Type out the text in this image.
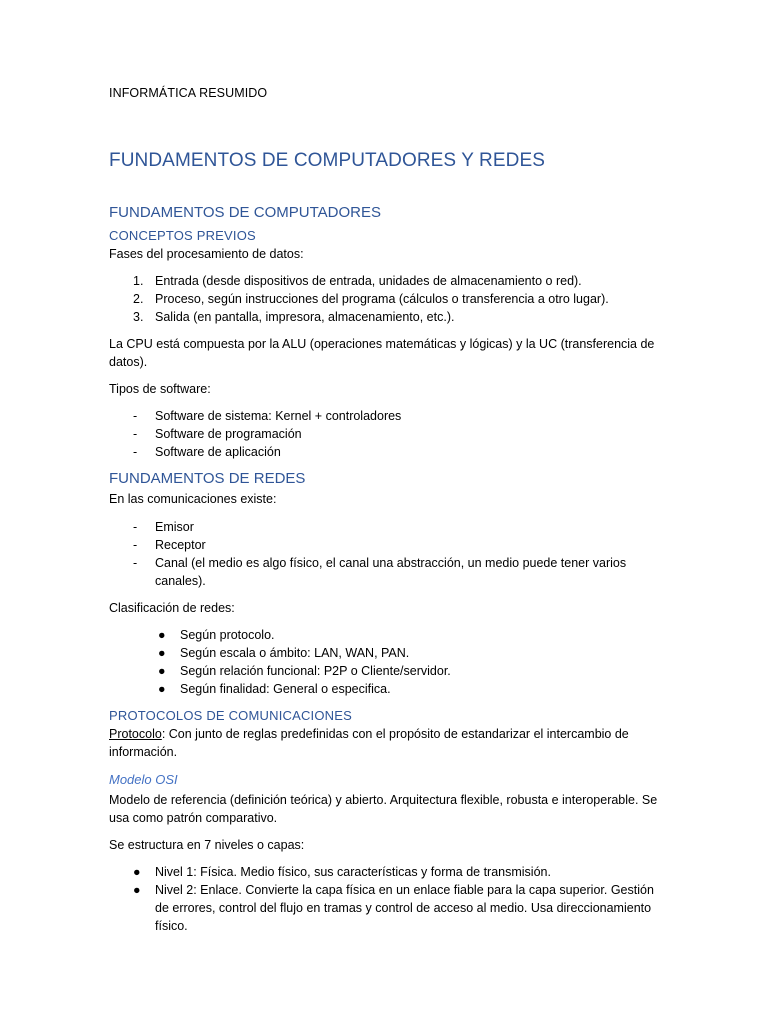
INFORMÁTICA RESUMIDO
FUNDAMENTOS DE COMPUTADORES Y REDES
FUNDAMENTOS DE COMPUTADORES
CONCEPTOS PREVIOS
Fases del procesamiento de datos:
1. Entrada (desde dispositivos de entrada, unidades de almacenamiento o red).
2. Proceso, según instrucciones del programa (cálculos o transferencia a otro lugar).
3. Salida (en pantalla, impresora, almacenamiento, etc.).
La CPU está compuesta por la ALU (operaciones matemáticas y lógicas) y la UC (transferencia de datos).
Tipos de software:
-	Software de sistema: Kernel + controladores
-	Software de programación
-	Software de aplicación
FUNDAMENTOS DE REDES
En las comunicaciones existe:
-	Emisor
-	Receptor
-	Canal (el medio es algo físico, el canal una abstracción, un medio puede tener varios canales).
Clasificación de redes:
●	Según protocolo.
●	Según escala o ámbito: LAN, WAN, PAN.
●	Según relación funcional: P2P o Cliente/servidor.
●	Según finalidad: General o especifica.
PROTOCOLOS DE COMUNICACIONES
Protocolo: Con junto de reglas predefinidas con el propósito de estandarizar el intercambio de información.
Modelo OSI
Modelo de referencia (definición teórica) y abierto. Arquitectura flexible, robusta e interoperable. Se usa como patrón comparativo.
Se estructura en 7 niveles o capas:
●	Nivel 1: Física. Medio físico, sus características y forma de transmisión.
●	Nivel 2: Enlace. Convierte la capa física en un enlace fiable para la capa superior. Gestión de errores, control del flujo en tramas y control de acceso al medio. Usa direccionamiento físico.
